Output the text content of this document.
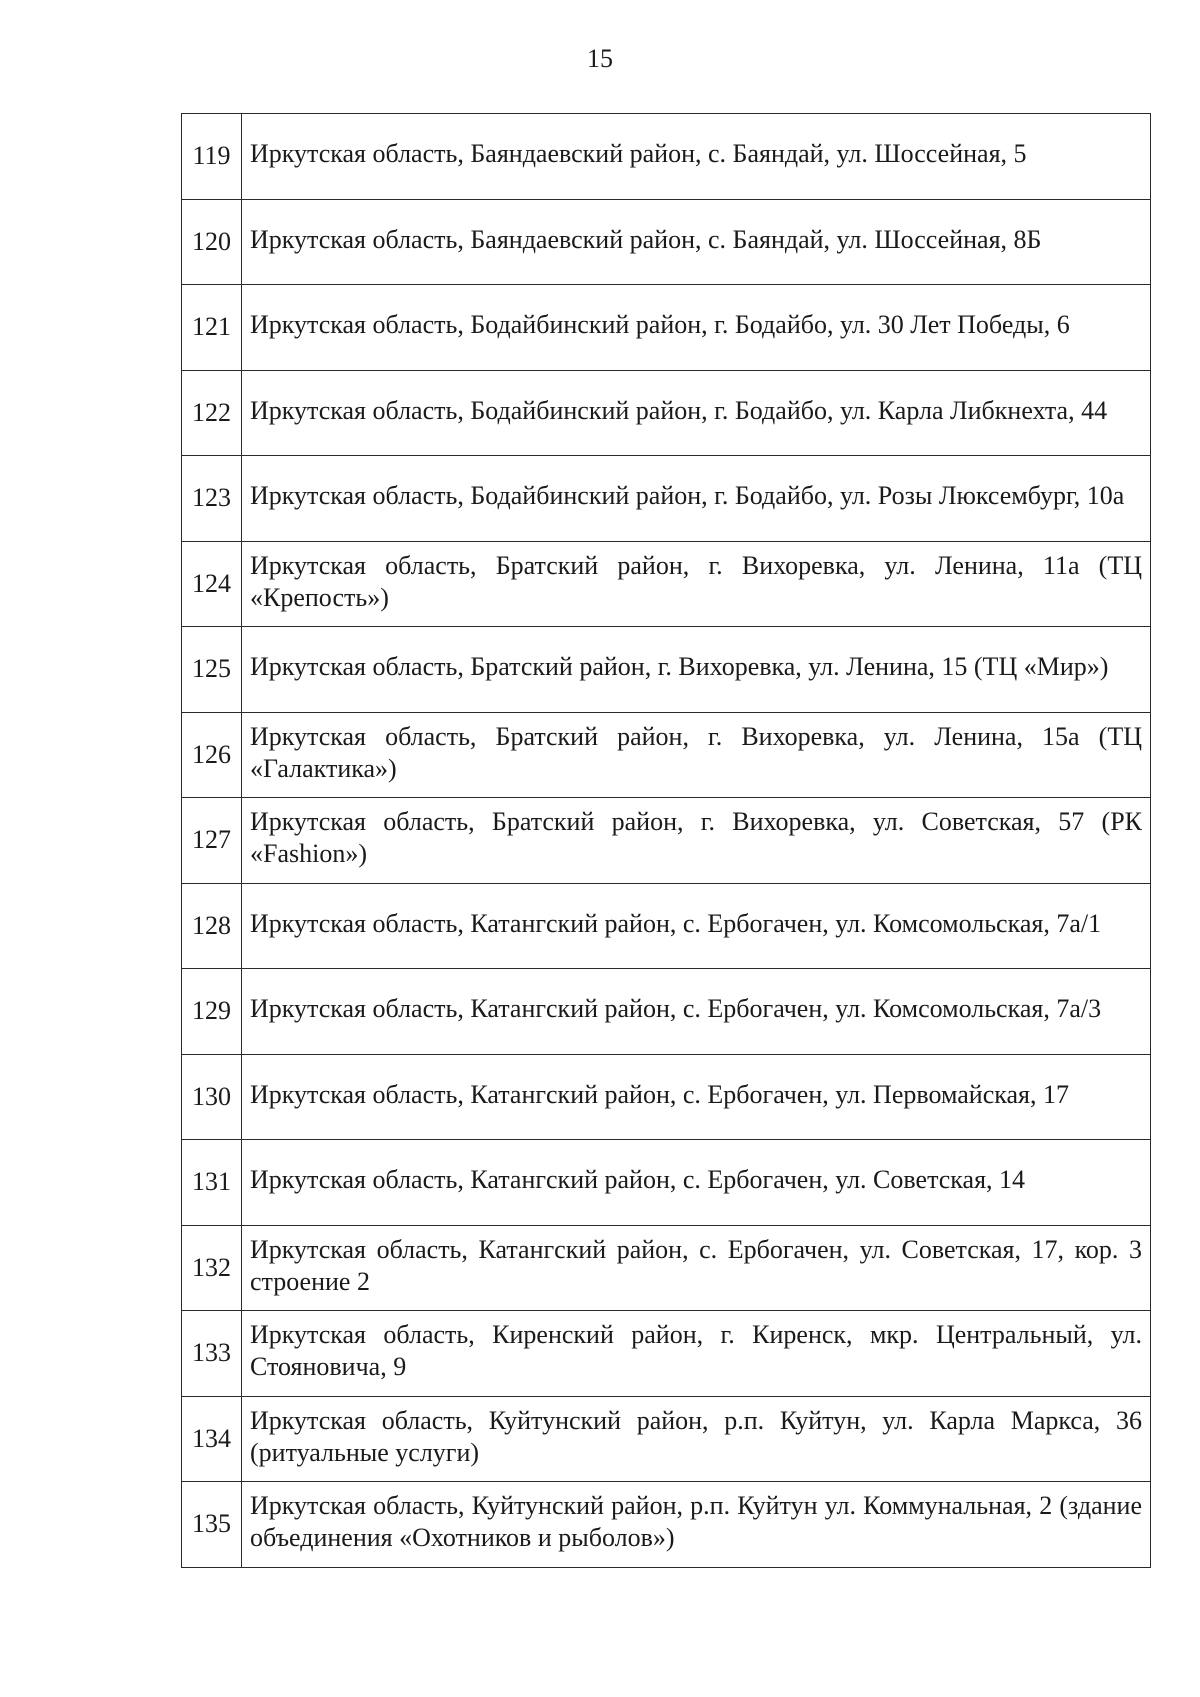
15
119	Иркутская область, Баяндаевский район, с. Баяндай, ул. Шоссейная, 5
120	Иркутская область, Баяндаевский район, с. Баяндай, ул. Шоссейная, 8Б
121	Иркутская область, Бодайбинский район, г. Бодайбо, ул. 30 Лет Победы, 6
122	Иркутская область, Бодайбинский район, г. Бодайбо, ул. Карла Либкнехта, 44
123	Иркутская область, Бодайбинский район, г. Бодайбо, ул. Розы Люксембург, 10а
124	Иркутская область, Братский район, г. Вихоревка, ул. Ленина, 11а (ТЦ «Крепость»)
125	Иркутская область, Братский район, г. Вихоревка, ул. Ленина, 15 (ТЦ «Мир»)
126	Иркутская область, Братский район, г. Вихоревка, ул. Ленина, 15а (ТЦ «Галактика»)
127	Иркутская область, Братский район, г. Вихоревка, ул. Советская, 57 (РК «Fashion»)
128	Иркутская область, Катангский район, с. Ербогачен, ул. Комсомольская, 7а/1
129	Иркутская область, Катангский район, с. Ербогачен, ул. Комсомольская, 7а/3
130	Иркутская область, Катангский район, с. Ербогачен, ул. Первомайская, 17
131	Иркутская область, Катангский район, с. Ербогачен, ул. Советская, 14
132	Иркутская область, Катангский район, с. Ербогачен, ул. Советская, 17, кор. 3 строение 2
133	Иркутская область, Киренский район, г. Киренск, мкр. Центральный, ул. Стояновича, 9
134	Иркутская область, Куйтунский район, р.п. Куйтун, ул. Карла Маркса, 36 (ритуальные услуги)
135	Иркутская область, Куйтунский район, р.п. Куйтун ул. Коммунальная, 2 (здание объединения «Охотников и рыболов»)
